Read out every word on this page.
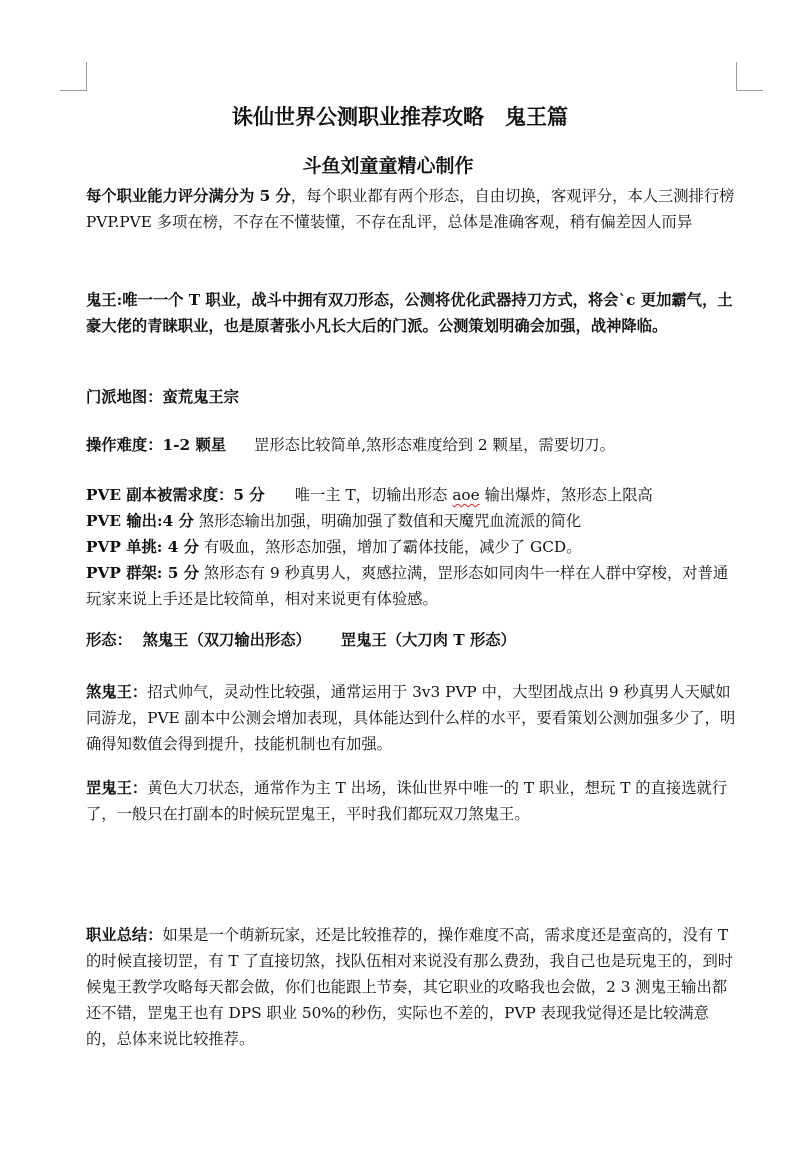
诛仙世界公测职业推荐攻略　鬼王篇
斗鱼刘童童精心制作
每个职业能力评分满分为 5 分，每个职业都有两个形态，自由切换，客观评分，本人三测排行榜 PVP.PVE 多项在榜，不存在不懂装懂，不存在乱评，总体是准确客观，稍有偏差因人而异
鬼王:唯一一个 T 职业，战斗中拥有双刀形态，公测将优化武器持刀方式，将会`c 更加霸气，土豪大佬的青睐职业，也是原著张小凡长大后的门派。公测策划明确会加强，战神降临。
门派地图：蛮荒鬼王宗
操作难度：1-2 颗星 罡形态比较简单,煞形态难度给到 2 颗星，需要切刀。
PVE 副本被需求度：5 分 唯一主 T，切输出形态 aoe 输出爆炸，煞形态上限高
PVE 输出:4 分 煞形态输出加强，明确加强了数值和天魔咒血流派的简化
PVP 单挑: 4 分 有吸血，煞形态加强，增加了霸体技能，减少了 GCD。
PVP 群架: 5 分 煞形态有 9 秒真男人，爽感拉满，罡形态如同肉牛一样在人群中穿梭，对普通玩家来说上手还是比较简单，相对来说更有体验感。
形态： 煞鬼王（双刀输出形态） 罡鬼王（大刀肉 T 形态）
煞鬼王：招式帅气，灵动性比较强，通常运用于 3v3 PVP 中，大型团战点出 9 秒真男人天赋如同游龙，PVE 副本中公测会增加表现，具体能达到什么样的水平，要看策划公测加强多少了，明确得知数值会得到提升，技能机制也有加强。
罡鬼王：黄色大刀状态，通常作为主 T 出场，诛仙世界中唯一的 T 职业，想玩 T 的直接选就行了，一般只在打副本的时候玩罡鬼王，平时我们都玩双刀煞鬼王。
职业总结：如果是一个萌新玩家，还是比较推荐的，操作难度不高，需求度还是蛮高的，没有 T 的时候直接切罡，有 T 了直接切煞，找队伍相对来说没有那么费劲，我自己也是玩鬼王的，到时候鬼王教学攻略每天都会做，你们也能跟上节奏，其它职业的攻略我也会做，2 3 测鬼王输出都还不错，罡鬼王也有 DPS 职业 50%的秒伤，实际也不差的，PVP 表现我觉得还是比较满意的，总体来说比较推荐。
